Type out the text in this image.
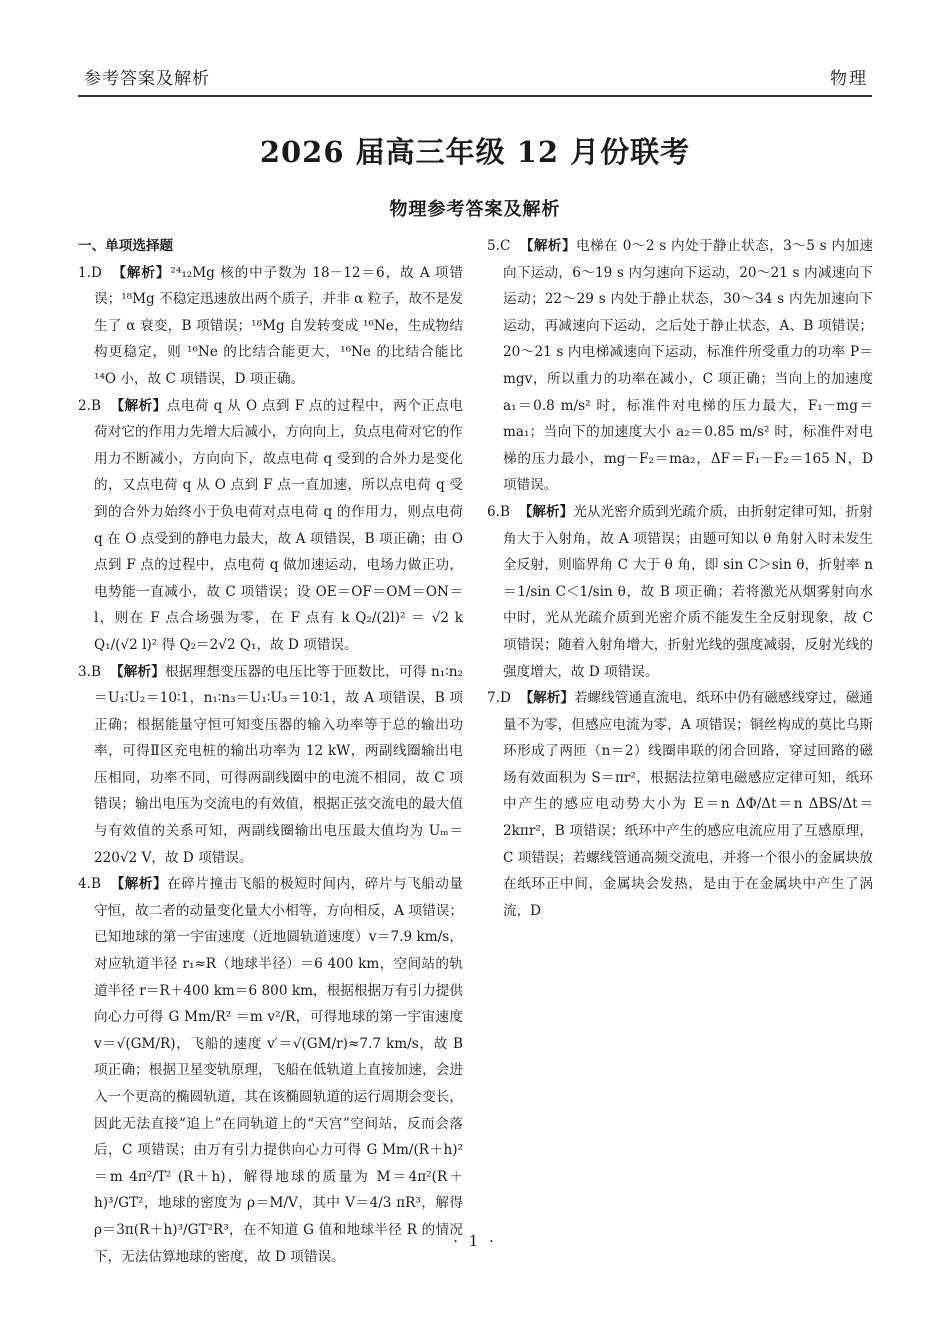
参考答案及解析	物理
2026 届高三年级 12 月份联考
物理参考答案及解析
一、单项选择题
1.D 【解析】²⁴₁₂Mg 核的中子数为 18－12＝6，故 A 项错误；¹⁸Mg 不稳定迅速放出两个质子，并非 α 粒子，故不是发生了 α 衰变，B 项错误；¹⁸Mg 自发转变成 ¹⁶Ne，生成物结构更稳定，则 ¹⁶Ne 的比结合能更大，¹⁶Ne 的比结合能比 ¹⁴O 小，故 C 项错误，D 项正确。
2.B 【解析】点电荷 q 从 O 点到 F 点的过程中，两个正点电荷对它的作用力先增大后减小，方向向上，负点电荷对它的作用力不断减小，方向向下，故点电荷 q 受到的合外力是变化的，又点电荷 q 从 O 点到 F 点一直加速，所以点电荷 q 受到的合外力始终小于负电荷对点电荷 q 的作用力，则点电荷 q 在 O 点受到的静电力最大，故 A 项错误，B 项正确；由 O 点到 F 点的过程中，点电荷 q 做加速运动，电场力做正功，电势能一直减小，故 C 项错误；设 OE＝OF＝OM＝ON＝l，则在 F 点合场强为零，在 F 点有 k Q₂/(2l)² ＝ √2 k Q₁/(√2 l)² 得 Q₂＝2√2 Q₁，故 D 项错误。
3.B 【解析】根据理想变压器的电压比等于匝数比，可得 n₁∶n₂＝U₁∶U₂＝10∶1，n₁∶n₃＝U₁∶U₃＝10∶1，故 A 项错误，B 项正确；根据能量守恒可知变压器的输入功率等于总的输出功率，可得Ⅱ区充电桩的输出功率为 12 kW，两副线圈输出电压相同，功率不同，可得两副线圈中的电流不相同，故 C 项错误；输出电压为交流电的有效值，根据正弦交流电的最大值与有效值的关系可知，两副线圈输出电压最大值均为 Uₘ＝220√2 V，故 D 项错误。
4.B 【解析】在碎片撞击飞船的极短时间内，碎片与飞船动量守恒，故二者的动量变化量大小相等，方向相反，A 项错误；已知地球的第一宇宙速度（近地圆轨道速度）v＝7.9 km/s，对应轨道半径 r₁≈R（地球半径）＝6 400 km，空间站的轨道半径 r＝R＋400 km＝6 800 km，根据根据万有引力提供向心力可得 G Mm/R² ＝m v²/R，可得地球的第一宇宙速度 v＝√(GM/R)，飞船的速度 v′＝√(GM/r)≈7.7 km/s，故 B 项正确；根据卫星变轨原理，飞船在低轨道上直接加速，会进入一个更高的椭圆轨道，其在该椭圆轨道的运行周期会变长，因此无法直接“追上”在同轨道上的“天宫”空间站，反而会落后，C 项错误；由万有引力提供向心力可得 G Mm/(R＋h)² ＝m 4π²/T² (R＋h)，解得地球的质量为 M＝4π²(R＋h)³/GT²，地球的密度为 ρ＝M/V，其中 V＝4/3 πR³，解得 ρ＝3π(R＋h)³/GT²R³，在不知道 G 值和地球半径 R 的情况下，无法估算地球的密度，故 D 项错误。
5.C 【解析】电梯在 0～2 s 内处于静止状态，3～5 s 内加速向下运动，6～19 s 内匀速向下运动，20～21 s 内减速向下运动；22～29 s 内处于静止状态，30～34 s 内先加速向下运动，再减速向下运动，之后处于静止状态，A、B 项错误；20～21 s 内电梯减速向下运动，标准件所受重力的功率 P＝mgv，所以重力的功率在减小，C 项正确；当向上的加速度 a₁＝0.8 m/s² 时，标准件对电梯的压力最大，F₁－mg＝ma₁；当向下的加速度大小 a₂＝0.85 m/s² 时，标准件对电梯的压力最小，mg－F₂＝ma₂，ΔF＝F₁－F₂＝165 N，D 项错误。
6.B 【解析】光从光密介质到光疏介质，由折射定律可知，折射角大于入射角，故 A 项错误；由题可知以 θ 角射入时未发生全反射，则临界角 C 大于 θ 角，即 sin C＞sin θ，折射率 n＝1/sin C＜1/sin θ，故 B 项正确；若将激光从烟雾射向水中时，光从光疏介质到光密介质不能发生全反射现象，故 C 项错误；随着入射角增大，折射光线的强度减弱，反射光线的强度增大，故 D 项错误。
7.D 【解析】若螺线管通直流电，纸环中仍有磁感线穿过，磁通量不为零，但感应电流为零，A 项错误；铜丝构成的莫比乌斯环形成了两匝（n＝2）线圈串联的闭合回路，穿过回路的磁场有效面积为 S＝πr²，根据法拉第电磁感应定律可知，纸环中产生的感应电动势大小为 E＝n ΔΦ/Δt＝n ΔBS/Δt＝2kπr²，B 项错误；纸环中产生的感应电流应用了互感原理，C 项错误；若螺线管通高频交流电，并将一个很小的金属块放在纸环正中间，金属块会发热，是由于在金属块中产生了涡流，D
· 1 ·
